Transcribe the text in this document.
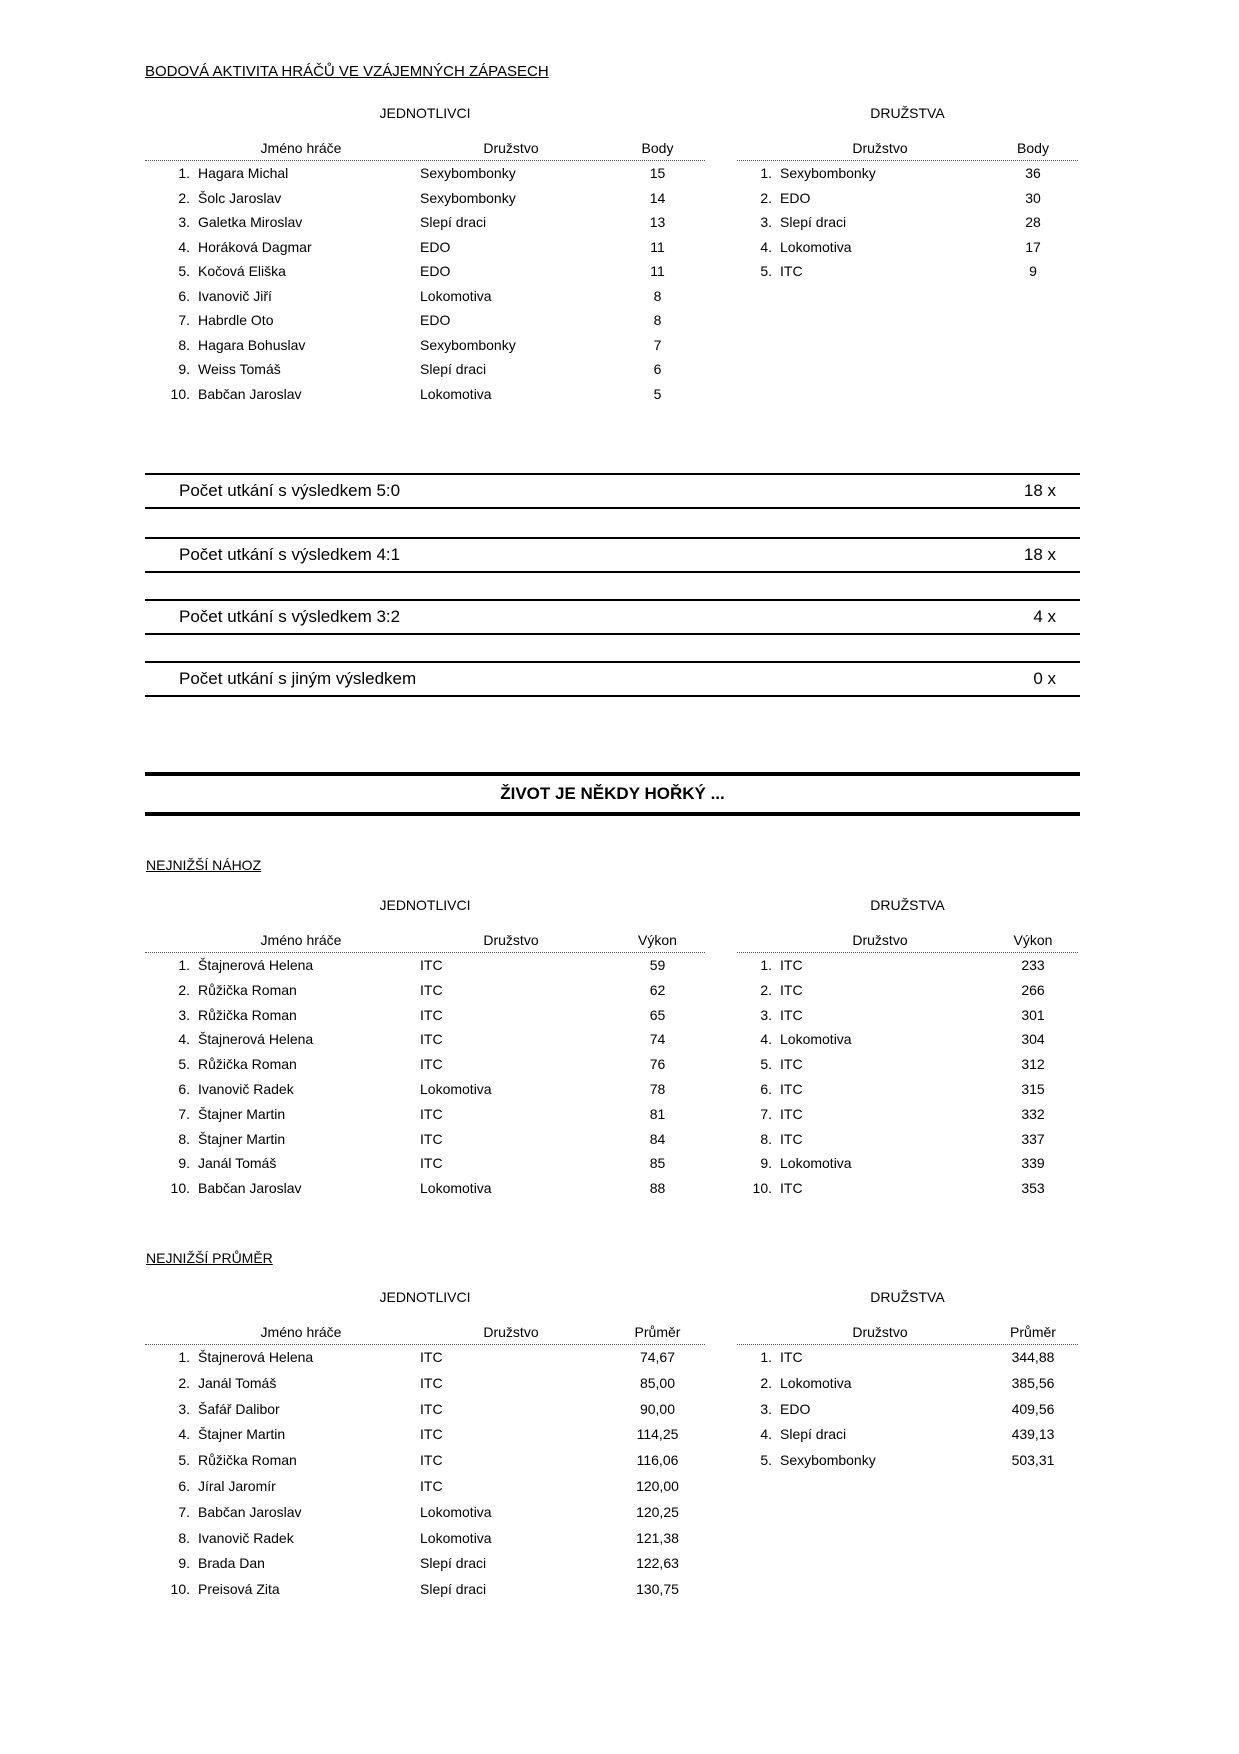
BODOVÁ AKTIVITA HRÁČŮ VE VZÁJEMNÝCH ZÁPASECH
JEDNOTLIVCI
Jméno hráče	Družstvo	Body
1. Hagara Michal	Sexybombonky	15
2. Šolc Jaroslav	Sexybombonky	14
3. Galetka Miroslav	Slepí draci	13
4. Horáková Dagmar	EDO	11
5. Kočová Eliška	EDO	11
6. Ivanovič Jiří	Lokomotiva	8
7. Habrdle Oto	EDO	8
8. Hagara Bohuslav	Sexybombonky	7
9. Weiss Tomáš	Slepí draci	6
10. Babčan Jaroslav	Lokomotiva	5
DRUŽSTVA
Družstvo	Body
1. Sexybombonky	36
2. EDO	30
3. Slepí draci	28
4. Lokomotiva	17
5. ITC	9
Počet utkání s výsledkem 5:0	18 x
Počet utkání s výsledkem 4:1	18 x
Počet utkání s výsledkem 3:2	4 x
Počet utkání s jiným výsledkem	0 x
ŽIVOT JE NĚKDY HOŘKÝ ...
NEJNIŽŠÍ NÁHOZ
JEDNOTLIVCI
Jméno hráče	Družstvo	Výkon
1. Štajnerová Helena	ITC	59
2. Růžička Roman	ITC	62
3. Růžička Roman	ITC	65
4. Štajnerová Helena	ITC	74
5. Růžička Roman	ITC	76
6. Ivanovič Radek	Lokomotiva	78
7. Štajner Martin	ITC	81
8. Štajner Martin	ITC	84
9. Janál Tomáš	ITC	85
10. Babčan Jaroslav	Lokomotiva	88
DRUŽSTVA
Družstvo	Výkon
1. ITC	233
2. ITC	266
3. ITC	301
4. Lokomotiva	304
5. ITC	312
6. ITC	315
7. ITC	332
8. ITC	337
9. Lokomotiva	339
10. ITC	353
NEJNIŽŠÍ PRŮMĚR
JEDNOTLIVCI
Jméno hráče	Družstvo	Průměr
1. Štajnerová Helena	ITC	74,67
2. Janál Tomáš	ITC	85,00
3. Šafář Dalibor	ITC	90,00
4. Štajner Martin	ITC	114,25
5. Růžička Roman	ITC	116,06
6. Jíral Jaromír	ITC	120,00
7. Babčan Jaroslav	Lokomotiva	120,25
8. Ivanovič Radek	Lokomotiva	121,38
9. Brada Dan	Slepí draci	122,63
10. Preisová Zita	Slepí draci	130,75
DRUŽSTVA
Družstvo	Průměr
1. ITC	344,88
2. Lokomotiva	385,56
3. EDO	409,56
4. Slepí draci	439,13
5. Sexybombonky	503,31
